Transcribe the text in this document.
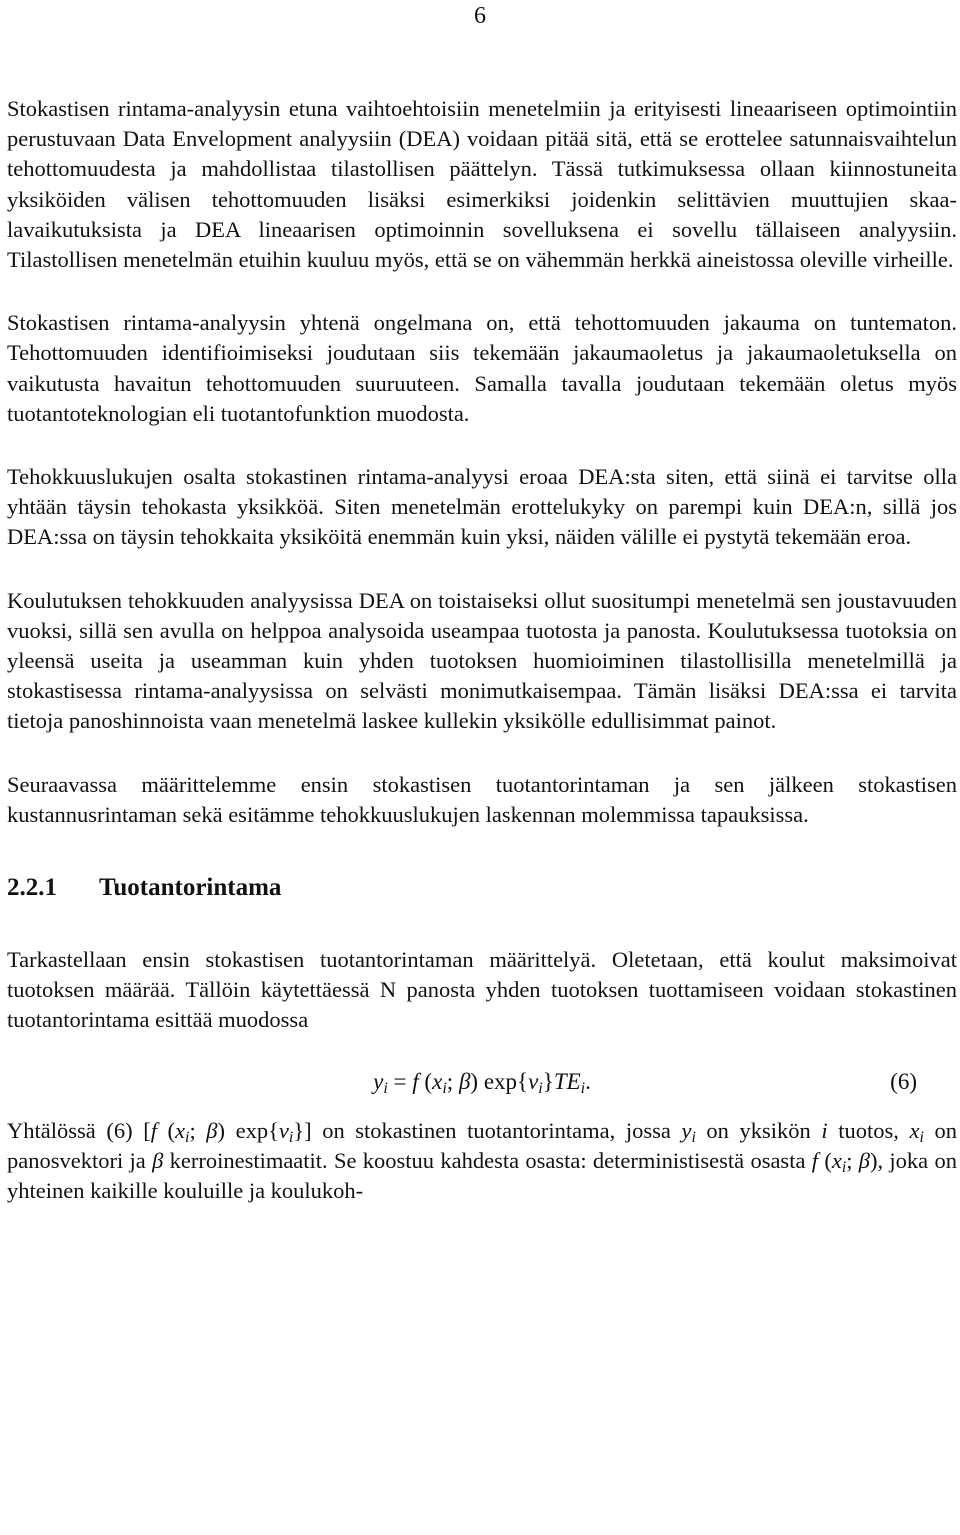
6

Stokastisen rintama-analyysin etuna vaihtoehtoisiin menetelmiin ja erityisesti lineaariseen optimointiin perustuvaan Data Envelopment analyysiin (DEA) voidaan pitää sitä, että se erottelee satunnaisvaihtelun tehottomuudesta ja mahdollistaa tilastollisen päättelyn. Tässä tutkimuksessa ollaan kiinnostuneita yksiköiden välisen tehottomuuden lisäksi esimerkiksi joidenkin selittävien muuttujien skaalavaikutuksista ja DEA lineaarisen optimoinnin sovelluksena ei sovellu tällaiseen analyysiin. Tilastollisen menetelmän etuihin kuuluu myös, että se on vähemmän herkkä aineistossa oleville virheille.

Stokastisen rintama-analyysin yhtenä ongelmana on, että tehottomuuden jakauma on tuntematon. Tehottomuuden identifioimiseksi joudutaan siis tekemään jakaumaoletus ja jakaumaoletuksella on vaikutusta havaitun tehottomuuden suuruuteen. Samalla tavalla joudutaan tekemään oletus myös tuotantoteknologian eli tuotantofunktion muodosta.

Tehokkuuslukujen osalta stokastinen rintama-analyysi eroaa DEA:sta siten, että siinä ei tarvitse olla yhtään täysin tehokasta yksikköä. Siten menetelmän erottelukyky on parempi kuin DEA:n, sillä jos DEA:ssa on täysin tehokkaita yksiköitä enemmän kuin yksi, näiden välille ei pystytä tekemään eroa.

Koulutuksen tehokkuuden analyysissa DEA on toistaiseksi ollut suositumpi menetelmä sen joustavuuden vuoksi, sillä sen avulla on helppoa analysoida useampaa tuotosta ja panosta. Koulutuksessa tuotoksia on yleensä useita ja useamman kuin yhden tuotoksen huomioiminen tilastollisilla menetelmillä ja stokastisessa rintama-analyysissa on selvästi monimutkaisempaa. Tämän lisäksi DEA:ssa ei tarvita tietoja panoshinnoista vaan menetelmä laskee kullekin yksikölle edullisimmat painot.

Seuraavassa määrittelemme ensin stokastisen tuotantorintaman ja sen jälkeen stokastisen kustannusrintaman sekä esitämme tehokkuuslukujen laskennan molemmissa tapauksissa.

2.2.1 Tuotantorintama

Tarkastellaan ensin stokastisen tuotantorintaman määrittelyä. Oletetaan, että koulut maksimoivat tuotoksen määrää. Tällöin käytettäessä N panosta yhden tuotoksen tuottamiseen voidaan stokastinen tuotantorintama esittää muodossa

$y_i = f$ ($x_i$; β) $\exp\{v_i\}TE_i$.	(6)

Yhtälössä (6) [f ($x_i$; β) $\exp\{v_i\}$] on stokastinen tuotantorintama, jossa $y_i$ on yksikön i tuotos, $x_i$ on panosvektori ja β kerroinestimaatit. Se koostuu kahdesta osasta: deterministisestä osasta f ($x_i$; β), joka on yhteinen kaikille kouluille ja koulukoh-
